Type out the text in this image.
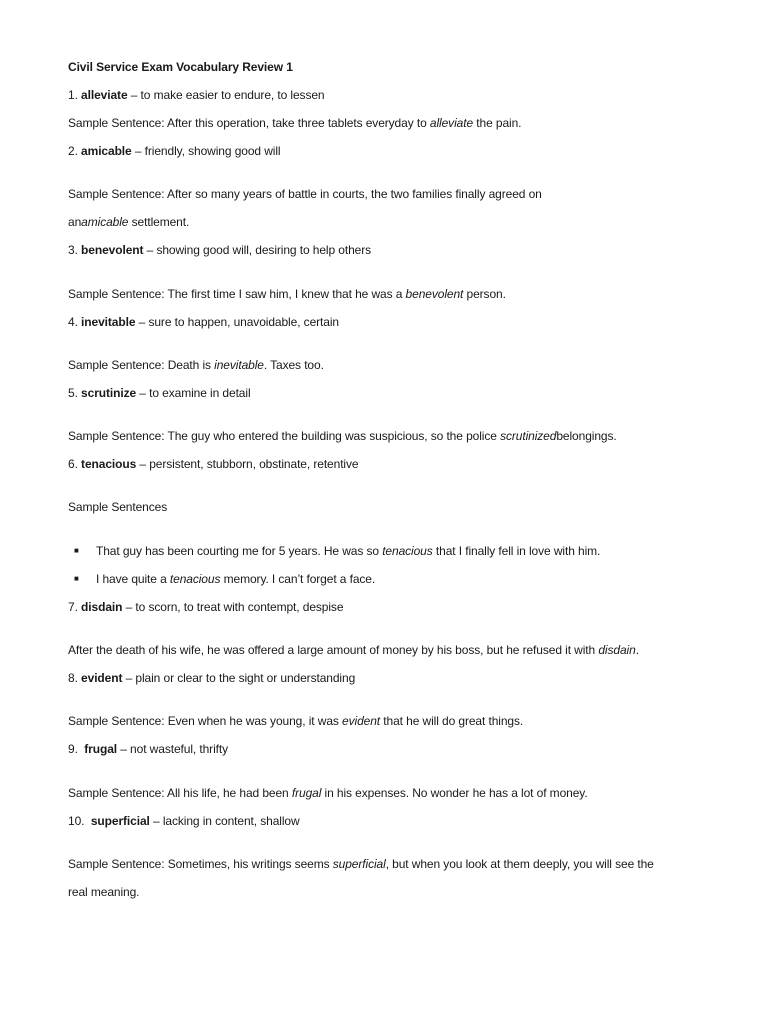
Civil Service Exam Vocabulary Review 1
1. alleviate – to make easier to endure, to lessen
Sample Sentence: After this operation, take three tablets everyday to alleviate the pain.
2. amicable – friendly, showing good will
Sample Sentence: After so many years of battle in courts, the two families finally agreed on
anamicable settlement.
3. benevolent – showing good will, desiring to help others
Sample Sentence: The first time I saw him, I knew that he was a benevolent person.
4. inevitable – sure to happen, unavoidable, certain
Sample Sentence: Death is inevitable. Taxes too.
5. scrutinize – to examine in detail
Sample Sentence: The guy who entered the building was suspicious, so the police scrutinizedbelongings.
6. tenacious – persistent, stubborn, obstinate, retentive
Sample Sentences
■ That guy has been courting me for 5 years. He was so tenacious that I finally fell in love with him.
■ I have quite a tenacious memory. I can’t forget a face.
7. disdain – to scorn, to treat with contempt, despise
After the death of his wife, he was offered a large amount of money by his boss, but he refused it with disdain.
8. evident – plain or clear to the sight or understanding
Sample Sentence: Even when he was young, it was evident that he will do great things.
9. frugal – not wasteful, thrifty
Sample Sentence: All his life, he had been frugal in his expenses. No wonder he has a lot of money.
10. superficial – lacking in content, shallow
Sample Sentence: Sometimes, his writings seems superficial, but when you look at them deeply, you will see the
real meaning.
